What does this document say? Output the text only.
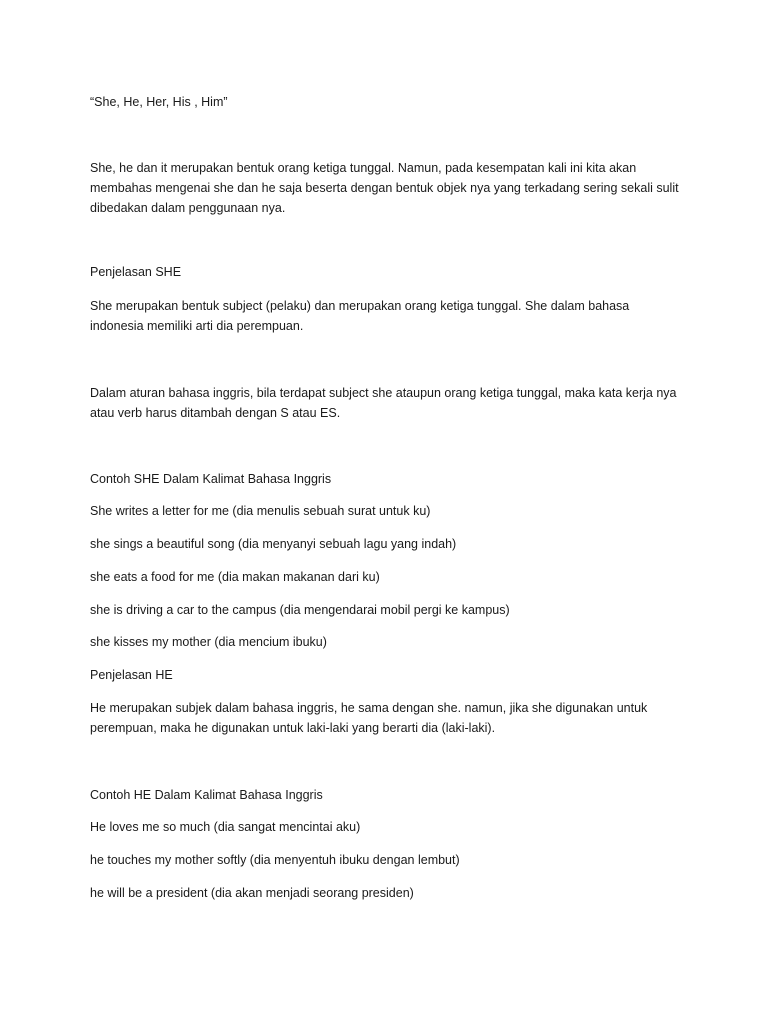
“She, He, Her, His , Him”

She, he dan it merupakan bentuk orang ketiga tunggal. Namun, pada kesempatan kali ini kita akan membahas mengenai she dan he saja beserta dengan bentuk objek nya yang terkadang sering sekali sulit dibedakan dalam penggunaan nya.

Penjelasan SHE

She merupakan bentuk subject (pelaku) dan merupakan orang ketiga tunggal. She dalam bahasa indonesia memiliki arti dia perempuan.

Dalam aturan bahasa inggris, bila terdapat subject she ataupun orang ketiga tunggal, maka kata kerja nya atau verb harus ditambah dengan S atau ES.

Contoh SHE Dalam Kalimat Bahasa Inggris

She writes a letter for me (dia menulis sebuah surat untuk ku)

she sings a beautiful song (dia menyanyi sebuah lagu yang indah)

she eats a food for me (dia makan makanan dari ku)

she is driving a car to the campus (dia mengendarai mobil pergi ke kampus)

she kisses my mother (dia mencium ibuku)

Penjelasan HE

He merupakan subjek dalam bahasa inggris, he sama dengan she. namun, jika she digunakan untuk perempuan, maka he digunakan untuk laki-laki yang berarti dia (laki-laki).

Contoh HE Dalam Kalimat Bahasa Inggris

He loves me so much (dia sangat mencintai aku)

he touches my mother softly (dia menyentuh ibuku dengan lembut)

he will be a president (dia akan menjadi seorang presiden)
